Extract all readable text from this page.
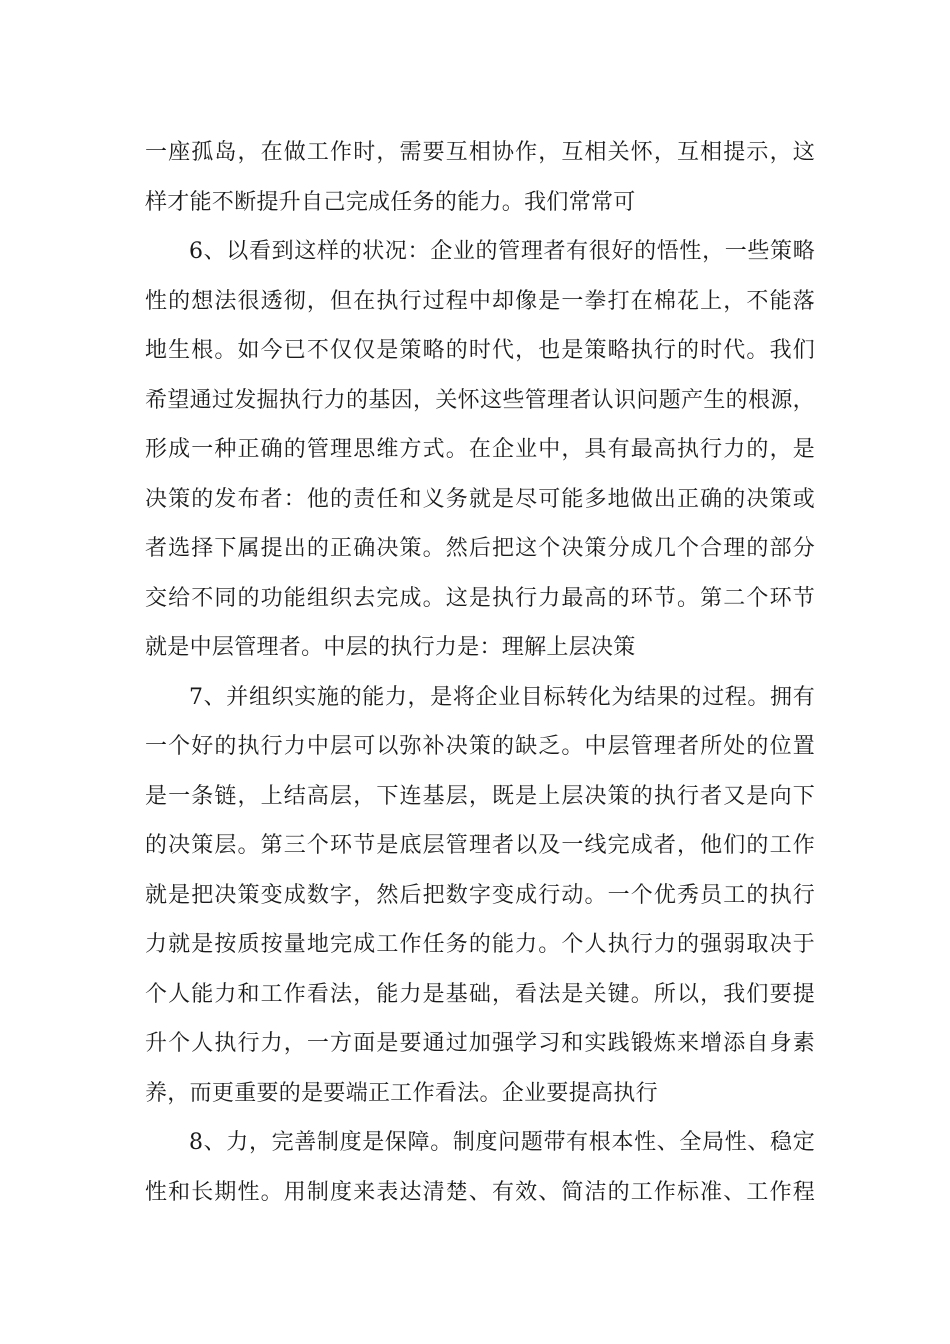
一座孤岛，在做工作时，需要互相协作，互相关怀，互相提示，这
样才能不断提升自己完成任务的能力。我们常常可
6、以看到这样的状况：企业的管理者有很好的悟性，一些策略
性的想法很透彻，但在执行过程中却像是一拳打在棉花上，不能落
地生根。如今已不仅仅是策略的时代，也是策略执行的时代。我们
希望通过发掘执行力的基因，关怀这些管理者认识问题产生的根源，
形成一种正确的管理思维方式。在企业中，具有最高执行力的，是
决策的发布者：他的责任和义务就是尽可能多地做出正确的决策或
者选择下属提出的正确决策。然后把这个决策分成几个合理的部分
交给不同的功能组织去完成。这是执行力最高的环节。第二个环节
就是中层管理者。中层的执行力是：理解上层决策
7、并组织实施的能力，是将企业目标转化为结果的过程。拥有
一个好的执行力中层可以弥补决策的缺乏。中层管理者所处的位置
是一条链，上结高层，下连基层，既是上层决策的执行者又是向下
的决策层。第三个环节是底层管理者以及一线完成者，他们的工作
就是把决策变成数字，然后把数字变成行动。一个优秀员工的执行
力就是按质按量地完成工作任务的能力。个人执行力的强弱取决于
个人能力和工作看法，能力是基础，看法是关键。所以，我们要提
升个人执行力，一方面是要通过加强学习和实践锻炼来增添自身素
养，而更重要的是要端正工作看法。企业要提高执行
8、力，完善制度是保障。制度问题带有根本性、全局性、稳定
性和长期性。用制度来表达清楚、有效、简洁的工作标准、工作程
